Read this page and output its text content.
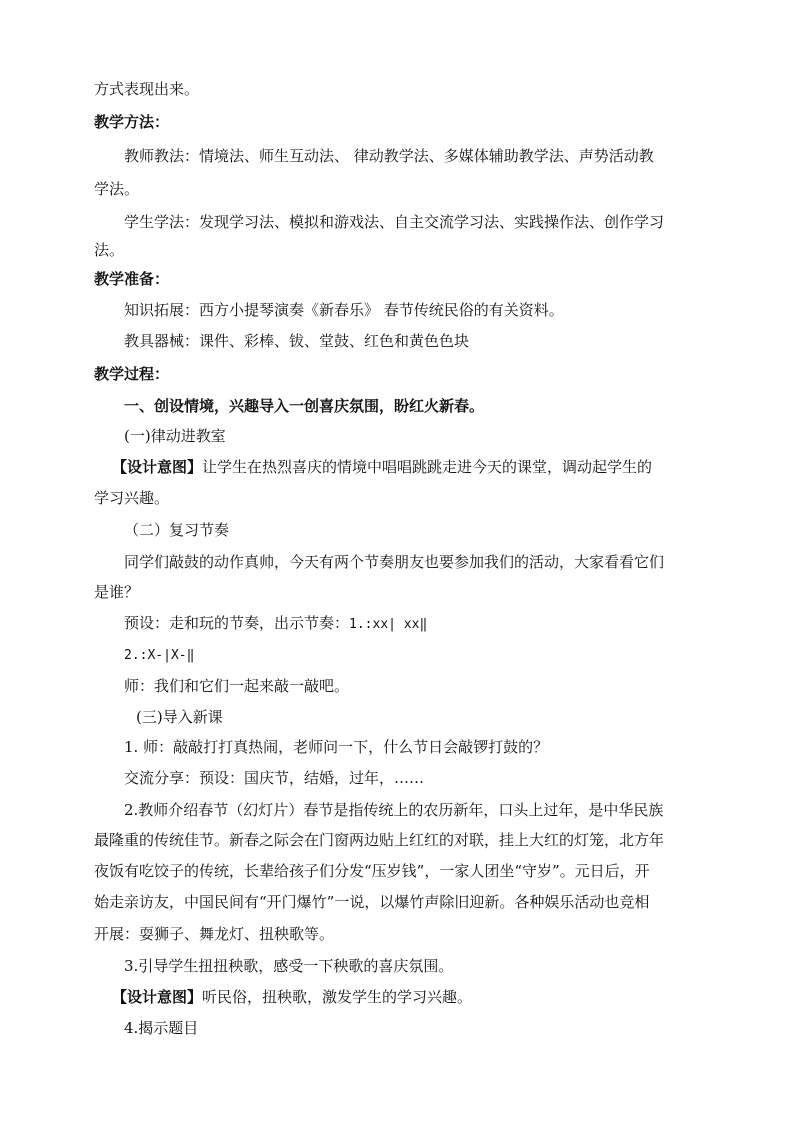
方式表现出来。
教学方法：
教师教法：情境法、师生互动法、 律动教学法、多媒体辅助教学法、声势活动教
学法。
学生学法：发现学习法、模拟和游戏法、自主交流学习法、实践操作法、创作学习
法。
教学准备：
知识拓展：西方小提琴演奏《新春乐》 春节传统民俗的有关资料。
教具器械：课件、彩棒、钹、堂鼓、红色和黄色色块
教学过程：
一、创设情境，兴趣导入一创喜庆氛围，盼红火新春。
(一)律动进教室
【设计意图】让学生在热烈喜庆的情境中唱唱跳跳走进今天的课堂，调动起学生的
学习兴趣。
（二）复习节奏
同学们敲鼓的动作真帅，今天有两个节奏朋友也要参加我们的活动，大家看看它们
是谁？
预设：走和玩的节奏，出示节奏：1.:xx| xx‖
2.:X-|X-‖
师：我们和它们一起来敲一敲吧。
(三)导入新课
1. 师：敲敲打打真热闹，老师问一下，什么节日会敲锣打鼓的？
交流分享：预设：国庆节，结婚，过年，……
2.教师介绍春节（幻灯片）春节是指传统上的农历新年，口头上过年，是中华民族
最隆重的传统佳节。新春之际会在门窗两边贴上红红的对联，挂上大红的灯笼，北方年
夜饭有吃饺子的传统，长辈给孩子们分发“压岁钱”，一家人团坐“守岁”。元日后，开
始走亲访友，中国民间有“开门爆竹”一说，以爆竹声除旧迎新。各种娱乐活动也竞相
开展：耍狮子、舞龙灯、扭秧歌等。
3.引导学生扭扭秧歌，感受一下秧歌的喜庆氛围。
【设计意图】听民俗，扭秧歌，激发学生的学习兴趣。
4.揭示题目
